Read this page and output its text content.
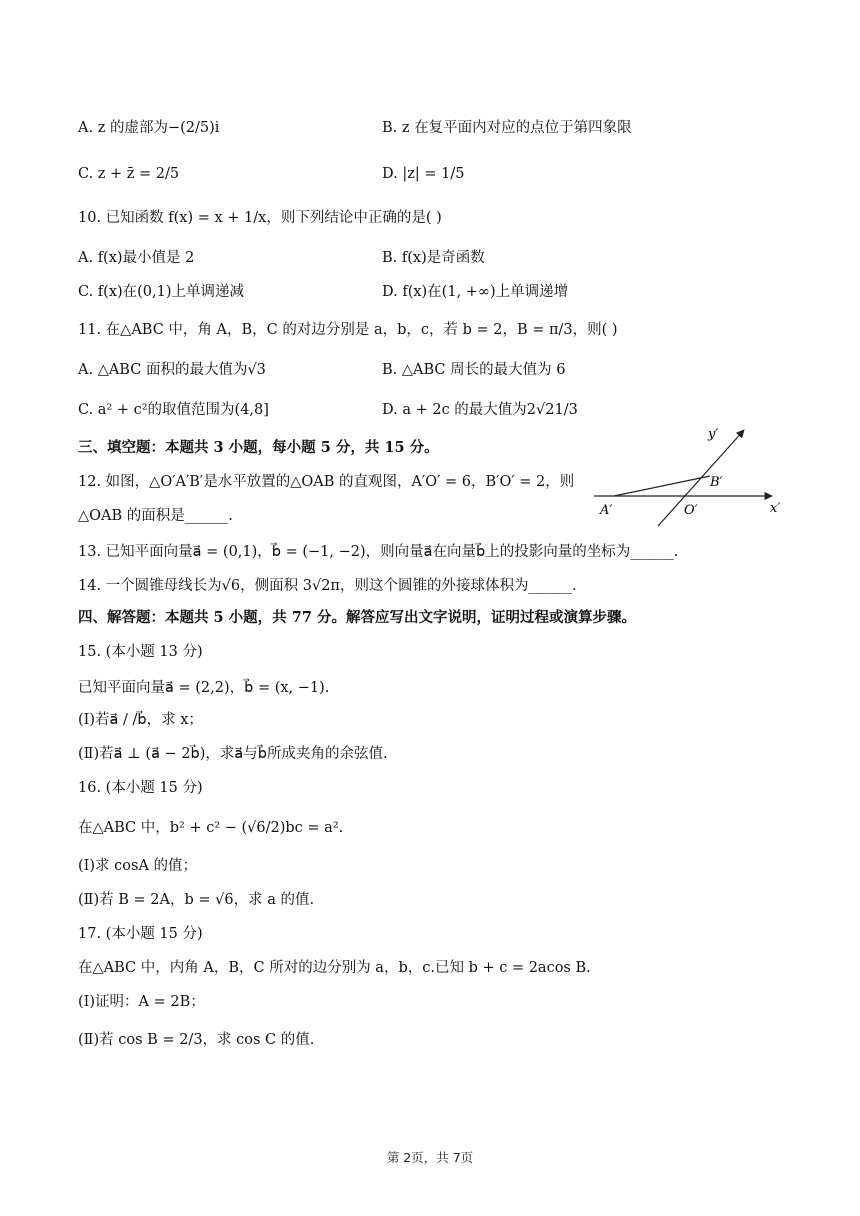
A. z 的虚部为−(2/5)i	B. z 在复平面内对应的点位于第四象限
C. z + z̄ = 2/5	D. |z| = 1/5
10. 已知函数 f(x) = x + 1/x，则下列结论中正确的是( )
A. f(x)最小值是 2	B. f(x)是奇函数
C. f(x)在(0,1)上单调递减	D. f(x)在(1, +∞)上单调递增
11. 在△ABC 中，角 A，B，C 的对边分别是 a，b，c，若 b = 2，B = π/3，则( )
A. △ABC 面积的最大值为√3	B. △ABC 周长的最大值为 6
C. a² + c²的取值范围为(4,8]	D. a + 2c 的最大值为2√21/3
三、填空题：本题共 3 小题，每小题 5 分，共 15 分。
12. 如图，△O′A′B′是水平放置的△OAB 的直观图，A′O′ = 6，B′O′ = 2，则
△OAB 的面积是______.
y′
x′
A′	O′
B′
13. 已知平面向量a⃗ = (0,1)，b⃗ = (−1, −2)，则向量a⃗在向量b⃗上的投影向量的坐标为______.
14. 一个圆锥母线长为√6，侧面积 3√2π，则这个圆锥的外接球体积为______.
四、解答题：本题共 5 小题，共 77 分。解答应写出文字说明，证明过程或演算步骤。
15. (本小题 13 分)
已知平面向量a⃗ = (2,2)，b⃗ = (x, −1).
(Ⅰ)若a⃗ / /b⃗，求 x；
(Ⅱ)若a⃗ ⊥ (a⃗ − 2b⃗)，求a⃗与b⃗所成夹角的余弦值.
16. (本小题 15 分)
在△ABC 中，b² + c² − (√6/2)bc = a².
(Ⅰ)求 cosA 的值；
(Ⅱ)若 B = 2A，b = √6，求 a 的值.
17. (本小题 15 分)
在△ABC 中，内角 A，B，C 所对的边分别为 a，b，c.已知 b + c = 2acos B.
(Ⅰ)证明：A = 2B；
(Ⅱ)若 cos B = 2/3，求 cos C 的值.
第 2页，共 7页
